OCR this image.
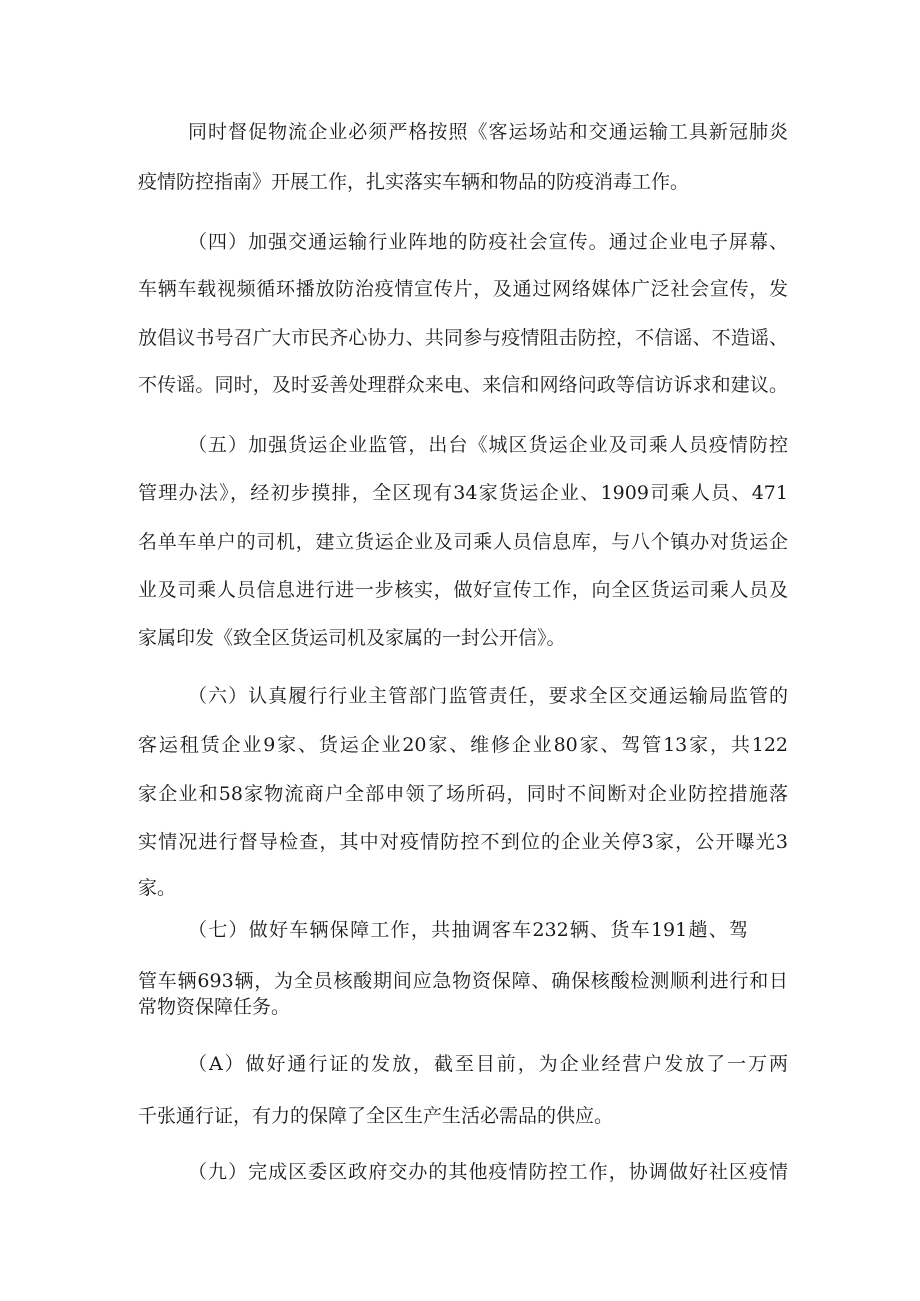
同时督促物流企业必须严格按照《客运场站和交通运输工具新冠肺炎

疫情防控指南》开展工作，扎实落实车辆和物品的防疫消毒工作。

（四）加强交通运输行业阵地的防疫社会宣传。通过企业电子屏幕、

车辆车载视频循环播放防治疫情宣传片，及通过网络媒体广泛社会宣传，发

放倡议书号召广大市民齐心协力、共同参与疫情阻击防控，不信谣、不造谣、

不传谣。同时，及时妥善处理群众来电、来信和网络问政等信访诉求和建议。

（五）加强货运企业监管，出台《城区货运企业及司乘人员疫情防控

管理办法》，经初步摸排，全区现有34家货运企业、1909司乘人员、471

名单车单户的司机，建立货运企业及司乘人员信息库，与八个镇办对货运企

业及司乘人员信息进行进一步核实，做好宣传工作，向全区货运司乘人员及

家属印发《致全区货运司机及家属的一封公开信》。

（六）认真履行行业主管部门监管责任，要求全区交通运输局监管的

客运租赁企业9家、货运企业20家、维修企业80家、驾管13家，共122

家企业和58家物流商户全部申领了场所码，同时不间断对企业防控措施落

实情况进行督导检查，其中对疫情防控不到位的企业关停3家，公开曝光3

家。

（七）做好车辆保障工作，共抽调客车232辆、货车191趟、驾

管车辆693辆，为全员核酸期间应急物资保障、确保核酸检测顺利进行和日

常物资保障任务。

（A）做好通行证的发放，截至目前，为企业经营户发放了一万两

千张通行证，有力的保障了全区生产生活必需品的供应。

（九）完成区委区政府交办的其他疫情防控工作，协调做好社区疫情
